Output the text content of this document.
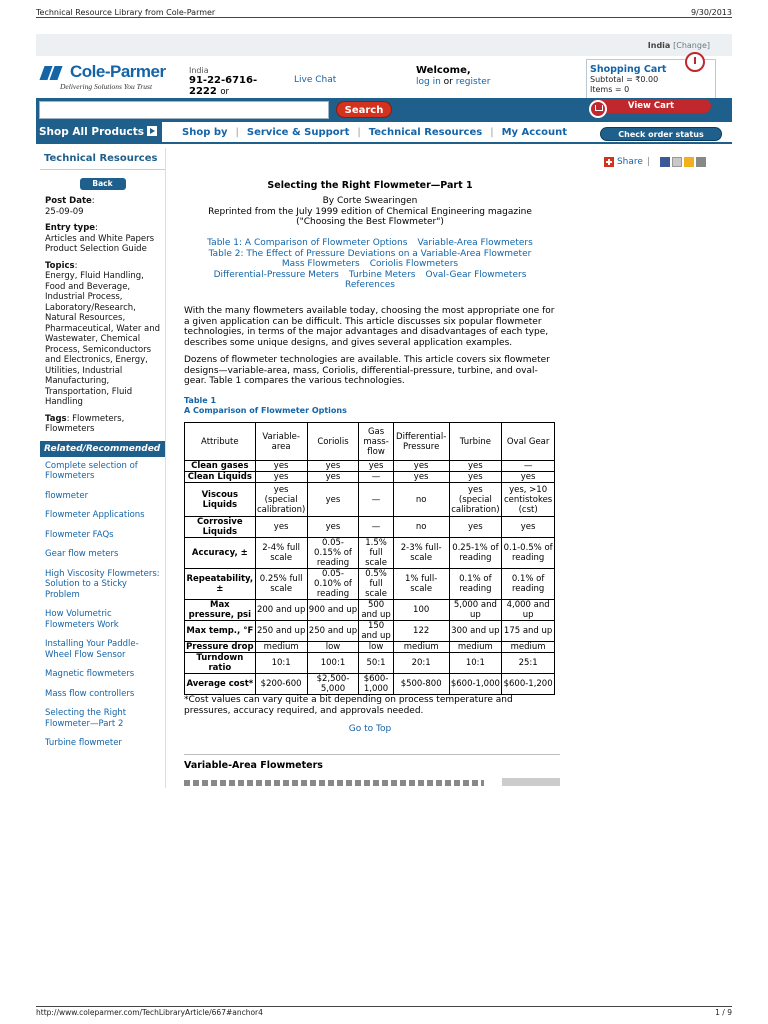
Technical Resource Library from Cole-Parmer	9/30/2013
India [Change]
Cole-Parmer
Delivering Solutions You Trust
India
91-22-6716-2222 or
Live Chat
Welcome,
log in or register
Shopping Cart
Subtotal = ₹0.00
Items = 0
Search	View Cart
Shop All Products	Shop by | Service & Support | Technical Resources | My Account	Check order status
Technical Resources
Back
Post Date:
25-09-09
Entry type:
Articles and White Papers
Product Selection Guide
Topics:
Energy, Fluid Handling, Food and Beverage, Industrial Process, Laboratory/Research, Natural Resources, Pharmaceutical, Water and Wastewater, Chemical Process, Semiconductors and Electronics, Energy, Utilities, Industrial Manufacturing, Transportation, Fluid Handling
Tags: Flowmeters, Flowmeters
Related/Recommended
Complete selection of Flowmeters
flowmeter
Flowmeter Applications
Flowmeter FAQs
Gear flow meters
High Viscosity Flowmeters: Solution to a Sticky Problem
How Volumetric Flowmeters Work
Installing Your Paddle-Wheel Flow Sensor
Magnetic flowmeters
Mass flow controllers
Selecting the Right Flowmeter—Part 2
Turbine flowmeter
Share |
Selecting the Right Flowmeter—Part 1
By Corte Swearingen
Reprinted from the July 1999 edition of Chemical Engineering magazine
("Choosing the Best Flowmeter")
Table 1: A Comparison of Flowmeter Options Variable-Area Flowmeters
Table 2: The Effect of Pressure Deviations on a Variable-Area Flowmeter
Mass Flowmeters Coriolis Flowmeters
Differential-Pressure Meters Turbine Meters Oval-Gear Flowmeters
References
With the many flowmeters available today, choosing the most appropriate one for a given application can be difficult. This article discusses six popular flowmeter technologies, in terms of the major advantages and disadvantages of each type, describes some unique designs, and gives several application examples.
Dozens of flowmeter technologies are available. This article covers six flowmeter designs—variable-area, mass, Coriolis, differential-pressure, turbine, and oval-gear. Table 1 compares the various technologies.
Table 1
A Comparison of Flowmeter Options
Attribute	Variable-area	Coriolis	Gas mass-flow	Differential-Pressure	Turbine	Oval Gear
Clean gases	yes	yes	yes	yes	yes	—
Clean Liquids	yes	yes	—	yes	yes	yes
Viscous Liquids	yes (special calibration)	yes	—	no	yes (special calibration)	yes, >10 centistokes (cst)
Corrosive Liquids	yes	yes	—	no	yes	yes
Accuracy, ±	2-4% full scale	0.05-0.15% of reading	1.5% full scale	2-3% full-scale	0.25-1% of reading	0.1-0.5% of reading
Repeatability, ±	0.25% full scale	0.05-0.10% of reading	0.5% full scale	1% full-scale	0.1% of reading	0.1% of reading
Max pressure, psi	200 and up	900 and up	500 and up	100	5,000 and up	4,000 and up
Max temp., °F	250 and up	250 and up	150 and up	122	300 and up	175 and up
Pressure drop	medium	low	low	medium	medium	medium
Turndown ratio	10:1	100:1	50:1	20:1	10:1	25:1
Average cost*	$200-600	$2,500-5,000	$600-1,000	$500-800	$600-1,000	$600-1,200
*Cost values can vary quite a bit depending on process temperature and pressures, accuracy required, and approvals needed.
Go to Top
Variable-Area Flowmeters
http://www.coleparmer.com/TechLibraryArticle/667#anchor4	1 / 9
